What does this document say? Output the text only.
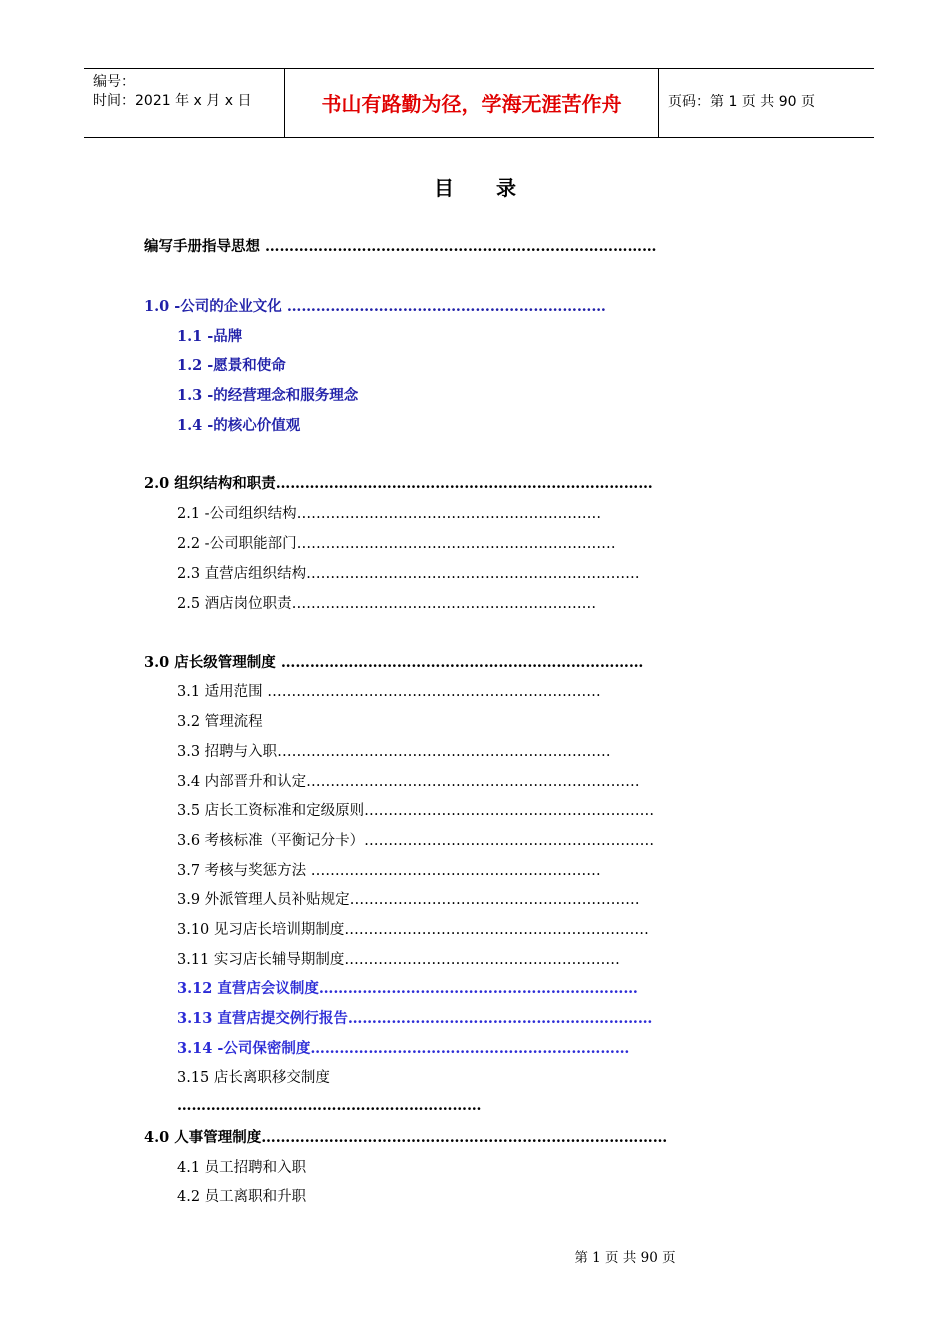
编号：
时间：2021 年 x 月 x 日	书山有路勤为径，学海无涯苦作舟	页码：第 1 页 共 90 页
目录
编写手册指导思想 ………………………………………………………………………
1.0 -公司的企业文化 …………………………………………………………
1.1 -品牌
1.2 -愿景和使命
1.3 -的经营理念和服务理念
1.4 -的核心价值观
2.0 组织结构和职责……………………………………………………………………
2.1 -公司组织结构………………………………………………………
2.2 -公司职能部门…………………………………………………………
2.3 直营店组织结构……………………………………………………………
2.5 酒店岗位职责………………………………………………………
3.0 店长级管理制度 …………………………………………………………………
3.1 适用范围 ……………………………………………………………
3.2 管理流程
3.3 招聘与入职……………………………………………………………
3.4 内部晋升和认定……………………………………………………………
3.5 店长工资标准和定级原则……………………………………………………
3.6 考核标准（平衡记分卡）……………………………………………………
3.7 考核与奖惩方法 ……………………………………………………
3.9 外派管理人员补贴规定……………………………………………………
3.10 见习店长培训期制度………………………………………………………
3.11 实习店长辅导期制度…………………………………………………
3.12 直营店会议制度…………………………………………………………
3.13 直营店提交例行报告………………………………………………………
3.14 -公司保密制度…………………………………………………………
3.15 店长离职移交制度
………………………………………………………
4.0 人事管理制度…………………………………………………………………………
4.1 员工招聘和入职
4.2 员工离职和升职
第 1 页 共 90 页
